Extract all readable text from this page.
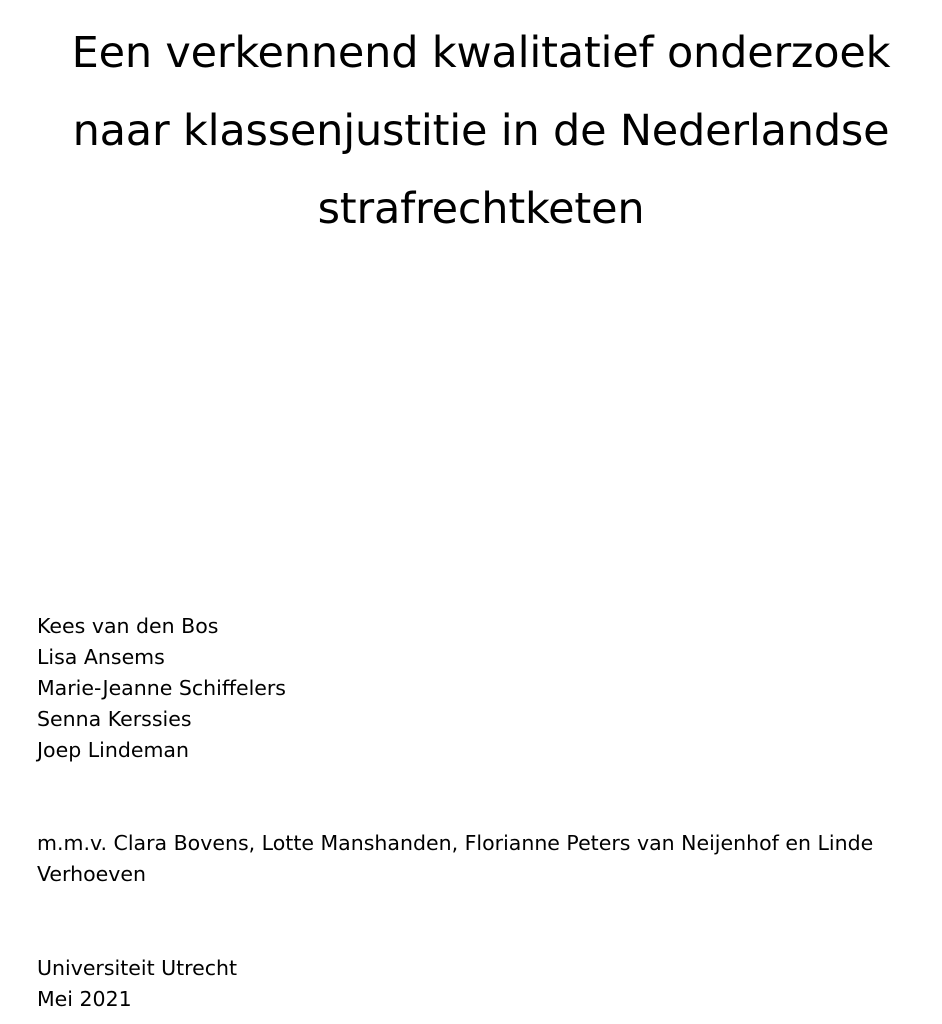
Een verkennend kwalitatief onderzoek
naar klassenjustitie in de Nederlandse
strafrechtketen
Kees van den Bos
Lisa Ansems
Marie-Jeanne Schiffelers
Senna Kerssies
Joep Lindeman
m.m.v. Clara Bovens, Lotte Manshanden, Florianne Peters van Neijenhof en Linde
Verhoeven
Universiteit Utrecht
Mei 2021
